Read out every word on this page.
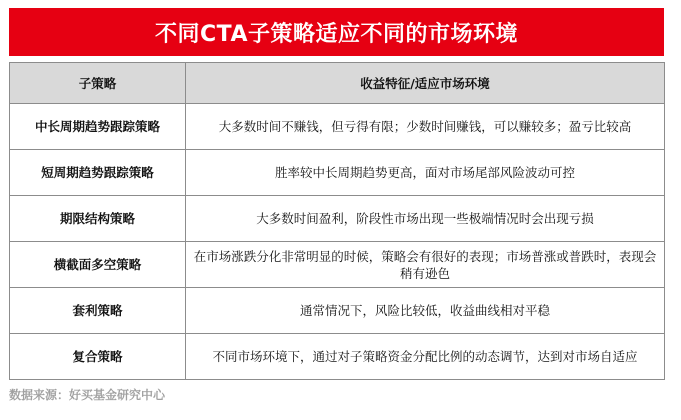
不同CTA子策略适应不同的市场环境
子策略	收益特征/适应市场环境
中长周期趋势跟踪策略	大多数时间不赚钱，但亏得有限；少数时间赚钱，可以赚较多；盈亏比较高
短周期趋势跟踪策略	胜率较中长周期趋势更高，面对市场尾部风险波动可控
期限结构策略	大多数时间盈利，阶段性市场出现一些极端情况时会出现亏损
横截面多空策略	在市场涨跌分化非常明显的时候，策略会有很好的表现；市场普涨或普跌时，表现会稍有逊色
套利策略	通常情况下，风险比较低，收益曲线相对平稳
复合策略	不同市场环境下，通过对子策略资金分配比例的动态调节，达到对市场自适应
数据来源：好买基金研究中心
